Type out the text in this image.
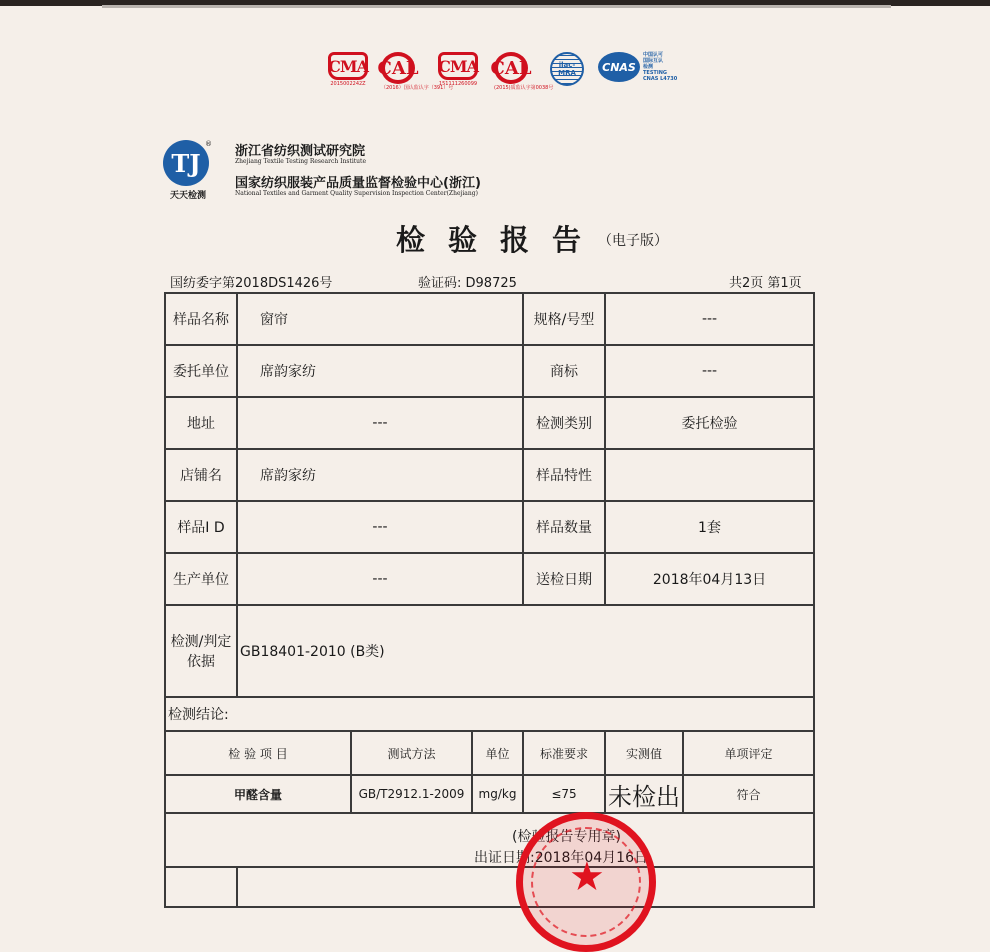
CMA
2015002242Z
CAL
（2016）国认监认字（391）号
CMA
151111260099
CAL
(2015)质监认字第0038号
ilac-MRA	CNAS
中国认可
国际互认
检测
TESTING
CNAS L4730
TJ
®
天天检测
浙江省纺织测试研究院
Zhejiang Textile Testing Research Institute
国家纺织服装产品质量监督检验中心(浙江)
National Textiles and Garment Quality Supervision Inspection Center(Zhejiang)
检验报告
（电子版）
国纺委字第2018DS1426号	验证码: D98725	共2页 第1页
样品名称	窗帘			规格/号型	---	
委托单位	席韵家纺			商标	---	
地址	---			检测类别	委托检验	
店铺名	席韵家纺			样品特性		
样品I D	---			样品数量	1套	
生产单位	---			送检日期	2018年04月13日	

检测/判定
依据	GB18401-2010 (B类)					
检测结论:						
检 验 项 目		测试方法	单位	标准要求	实测值	单项评定
甲醛含量		GB/T2912.1-2009	mg/kg	≤75	未检出	符合

(检验报告专用章)
出证日期:2018年04月16日
★
